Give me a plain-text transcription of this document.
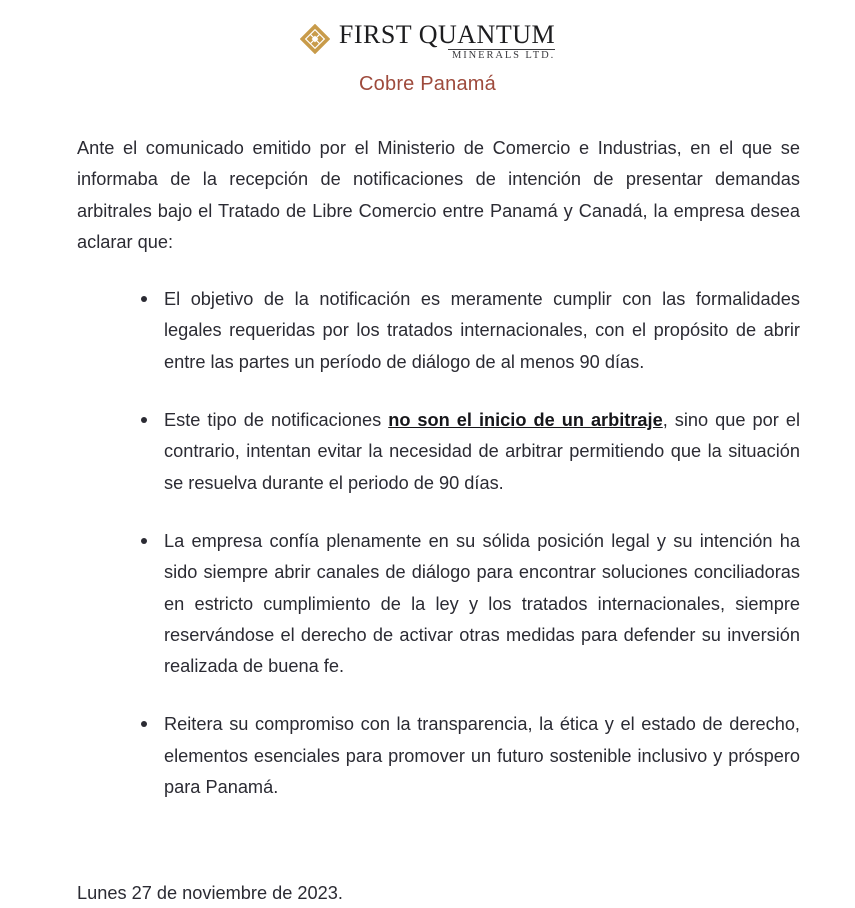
FIRST QUANTUM
MINERALS LTD.
Cobre Panamá

Ante el comunicado emitido por el Ministerio de Comercio e Industrias, en el que se informaba de la recepción de notificaciones de intención de presentar demandas arbitrales bajo el Tratado de Libre Comercio entre Panamá y Canadá, la empresa desea aclarar que:

El objetivo de la notificación es meramente cumplir con las formalidades legales requeridas por los tratados internacionales, con el propósito de abrir entre las partes un período de diálogo de al menos 90 días.
Este tipo de notificaciones no son el inicio de un arbitraje, sino que por el contrario, intentan evitar la necesidad de arbitrar permitiendo que la situación se resuelva durante el periodo de 90 días.
La empresa confía plenamente en su sólida posición legal y su intención ha sido siempre abrir canales de diálogo para encontrar soluciones conciliadoras en estricto cumplimiento de la ley y los tratados internacionales, siempre reservándose el derecho de activar otras medidas para defender su inversión realizada de buena fe.
Reitera su compromiso con la transparencia, la ética y el estado de derecho, elementos esenciales para promover un futuro sostenible inclusivo y próspero para Panamá.

Lunes 27 de noviembre de 2023.
